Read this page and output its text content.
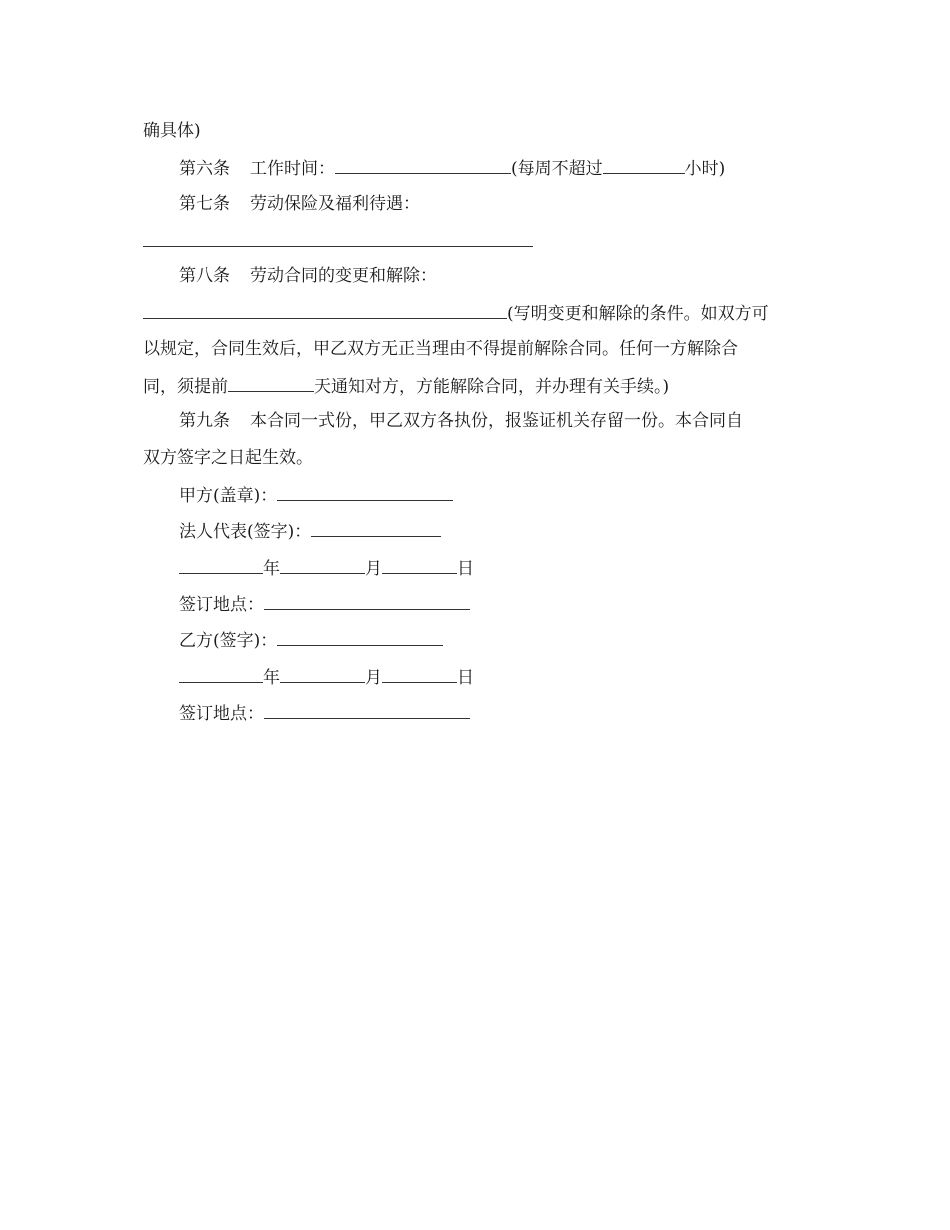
确具体)
第六条 工作时间：	(每周不超过	小时)
第七条 劳动保险及福利待遇：
第八条 劳动合同的变更和解除：
(写明变更和解除的条件。如双方可
以规定，合同生效后，甲乙双方无正当理由不得提前解除合同。任何一方解除合
同，须提前	天通知对方，方能解除合同，并办理有关手续。)
第九条 本合同一式份，甲乙双方各执份，报鉴证机关存留一份。本合同自
双方签字之日起生效。
甲方(盖章)：
法人代表(签字)：
年	月	日
签订地点：
乙方(签字)：
年	月	日
签订地点：
